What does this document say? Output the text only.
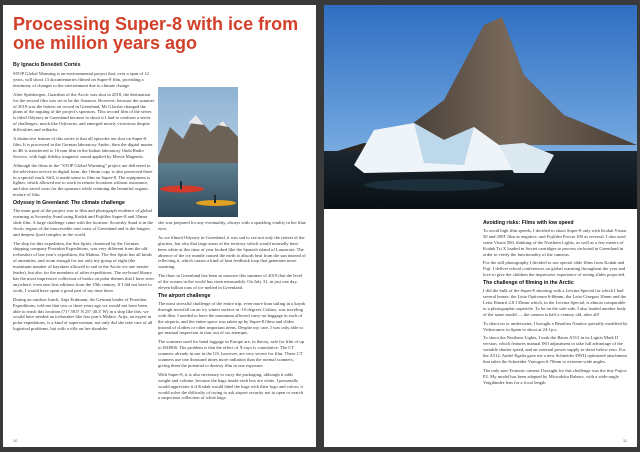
Processing Super-8 with ice from one million years ago
By Ignacio Benedeti Cortés

STOP Global Warming is an environmental project that, over a span of 12 years, will shoot 13 documentaries filmed on Super-8 film, providing a testimony of changes to the environment due to climate change.

After Spitsbergen, Guardian of the Arctic was shot in 2018, the destination for the second film was set to be the Amazon. However, because the summer of 2019 was the hottest on record in Greenland, Mr Glacéas changed the plans of the arguing of the project's sponsors. This second film of the series is titled Odyssey in Greenland because to shoot it I had to confront a series of challenges, much like Odysseus, and emerged mostly victorious despite difficulties and setbacks.

A distinctive feature of this series is that all episodes are shot on Super-8 film. It is processed in the German laboratory Andec, then the digital master in 4K is transferred to 16 mm film in the Italian laboratory Onda Radio Service, with high fidelity magnetic sound applied by Movie Magnetic.

Although the films in the "STOP Global Warming" project are delivered to the television service in digital form, the 16mm copy is also preserved there in a special vault. Still, it made sense to film on Super-8. The equipment is lighter, which allowed me to work in remote locations without assistance, and also saved costs for the sponsors while retaining the beautiful organic texture of film.

Odyssey in Greenland: The climate challenge

The main goal of the project was to film and photograph evidence of global warming at Scoresby Sund using Kodak and Fujifilm Super-8 and 35mm slide film. A large challenge came with the location: Scoresby Sund is in the Arctic region of the inaccessible east coast of Greenland and is the longest and deepest fjord complex in the world.

The ship for this expedition, the Sea Spirit, chartered by the German shipping company Poseidon Expeditions, was very different from the old icebreaker of last year's expedition, the Malmo. The Sea Spirit has all kinds of amenities, and room enough for not only my group of eight (the maximum number of kayakers allowed to sail in the Arctic ice one master leader), but also for the members of other expeditions. The on-board library has the most impressive collection of books on polar themes that I have seen anywhere, even rare first editions from the 19th century. If I did not have to work, I would have spent a good part of my time there.

During an outdoor lunch, Anja Erdmann, the German leader of Poseidon Expeditions, told me that two or three years ago we would not have been able to reach this location (71° 58.0' N 25° 40.3' W) in a ship like this; we would have needed an icebreaker like last year's Malmo. Arija, an expert in polar expeditions, is a kind of superwoman; not only did she take care of all logistical problems, but with a rifle on her shoulder

she was prepared for any eventuality, always with a sparkling vitality in her blue eyes.

As we filmed Odyssey in Greenland, it was sad to see not only the retreat of the glaciers, but also that large areas of the territory which would normally have been white at this time of year looked like the Spanish island of Lanzarote. The absence of the icy mantle caused the earth to absorb heat from the sun instead of reflecting it, which causes a kind of heat feedback loop that generates more warming.

The thaw in Greenland has been as massive this summer of 2019 that the level of the oceans in the world has risen measurably. On July 31, in just one day, eleven billion tons of ice melted in Greenland.

The airport challenge

The most stressful challenge of the entire trip, even more than sailing in a kayak through snowfall on an icy winter surface at -10 degrees Celsius, was traveling with film. I needed to have the maximum allowed carry-on baggage in each of the airports, and the entire space was taken up by Super-8 films and slides instead of clothes or other important items. Despite my care, I was only able to get manual inspection in four out of six attempts.

The scanners used for hand luggage in Europe are, in theory, safe for film of up to ISO800. The problem is that the effect of X-rays is cumulative. The CT scanners already in use in the US, however, are very severe for film. These CT scanners use one thousand times more radiation than the normal scanners, giving them the potential to destroy film in one exposure.

With Super-8, it is also necessary to carry the packaging, although it adds weight and volume, because the bags inside each box are white. I personally would appreciate it if Kodak would label the bags with their logo and colors; it would solve the difficulty of trying to ask airport security not to open or search a suspicious collection of white bags.

10
Avoiding risks: Films with low speed

To avoid high film speeds, I decided to shoot Super-8 only with Kodak Vision 50 and 200T film as negative, and Fujifilm Provia 100 as reversal. I also used some Vision 500, thinking of the Northern Lights, as well as a few meters of Kodak Tri X loaded in Soviet cartridges to process on board in Greenland in order to verify the functionality of the cameras.

For the still photography I decided to use special slide films from Kodak and Fuji. I deliver school conferences on global warming throughout the year and love to give the children the impressive experience of seeing slides projected.

The challenge of filming in the Arctic

I did the bulk of the Super-8 shooting with a Leicina Special for which I had several lenses: the Leitz Optivaron 6-66mm, the Leitz Cinegon 10mm and the Leitz Elmarit 2.8 135mm which, in the Leicina Special, is almost comparable to a photographic supertele. To be on the safe side, I also loaded another body of the same model — the camera is half a century old, after all!

To shoot on or underwater, I brought a Beaulieu Nautica specially modified by Videocamic in Spain to shoot at 24 f.p.s.

To shoot the Northern Lights, I took the Bauer A512 in its Ligitis Mark II version, which features manual ISO adjustment to take full advantage of the variable shutter speed, and an external power supply to shoot below zero. For the A512, André Egalia gave me a new Schneider DWII optimized attachment that takes the Schneider Variogon 6-70mm to extreme wide angles.

The only non-Teutonic camera I brought for this challenge was the tiny Fujica P2. My model has been adapted by Microdoka Balears, with a wide-angle Voigtländer lens for a focal length

11
